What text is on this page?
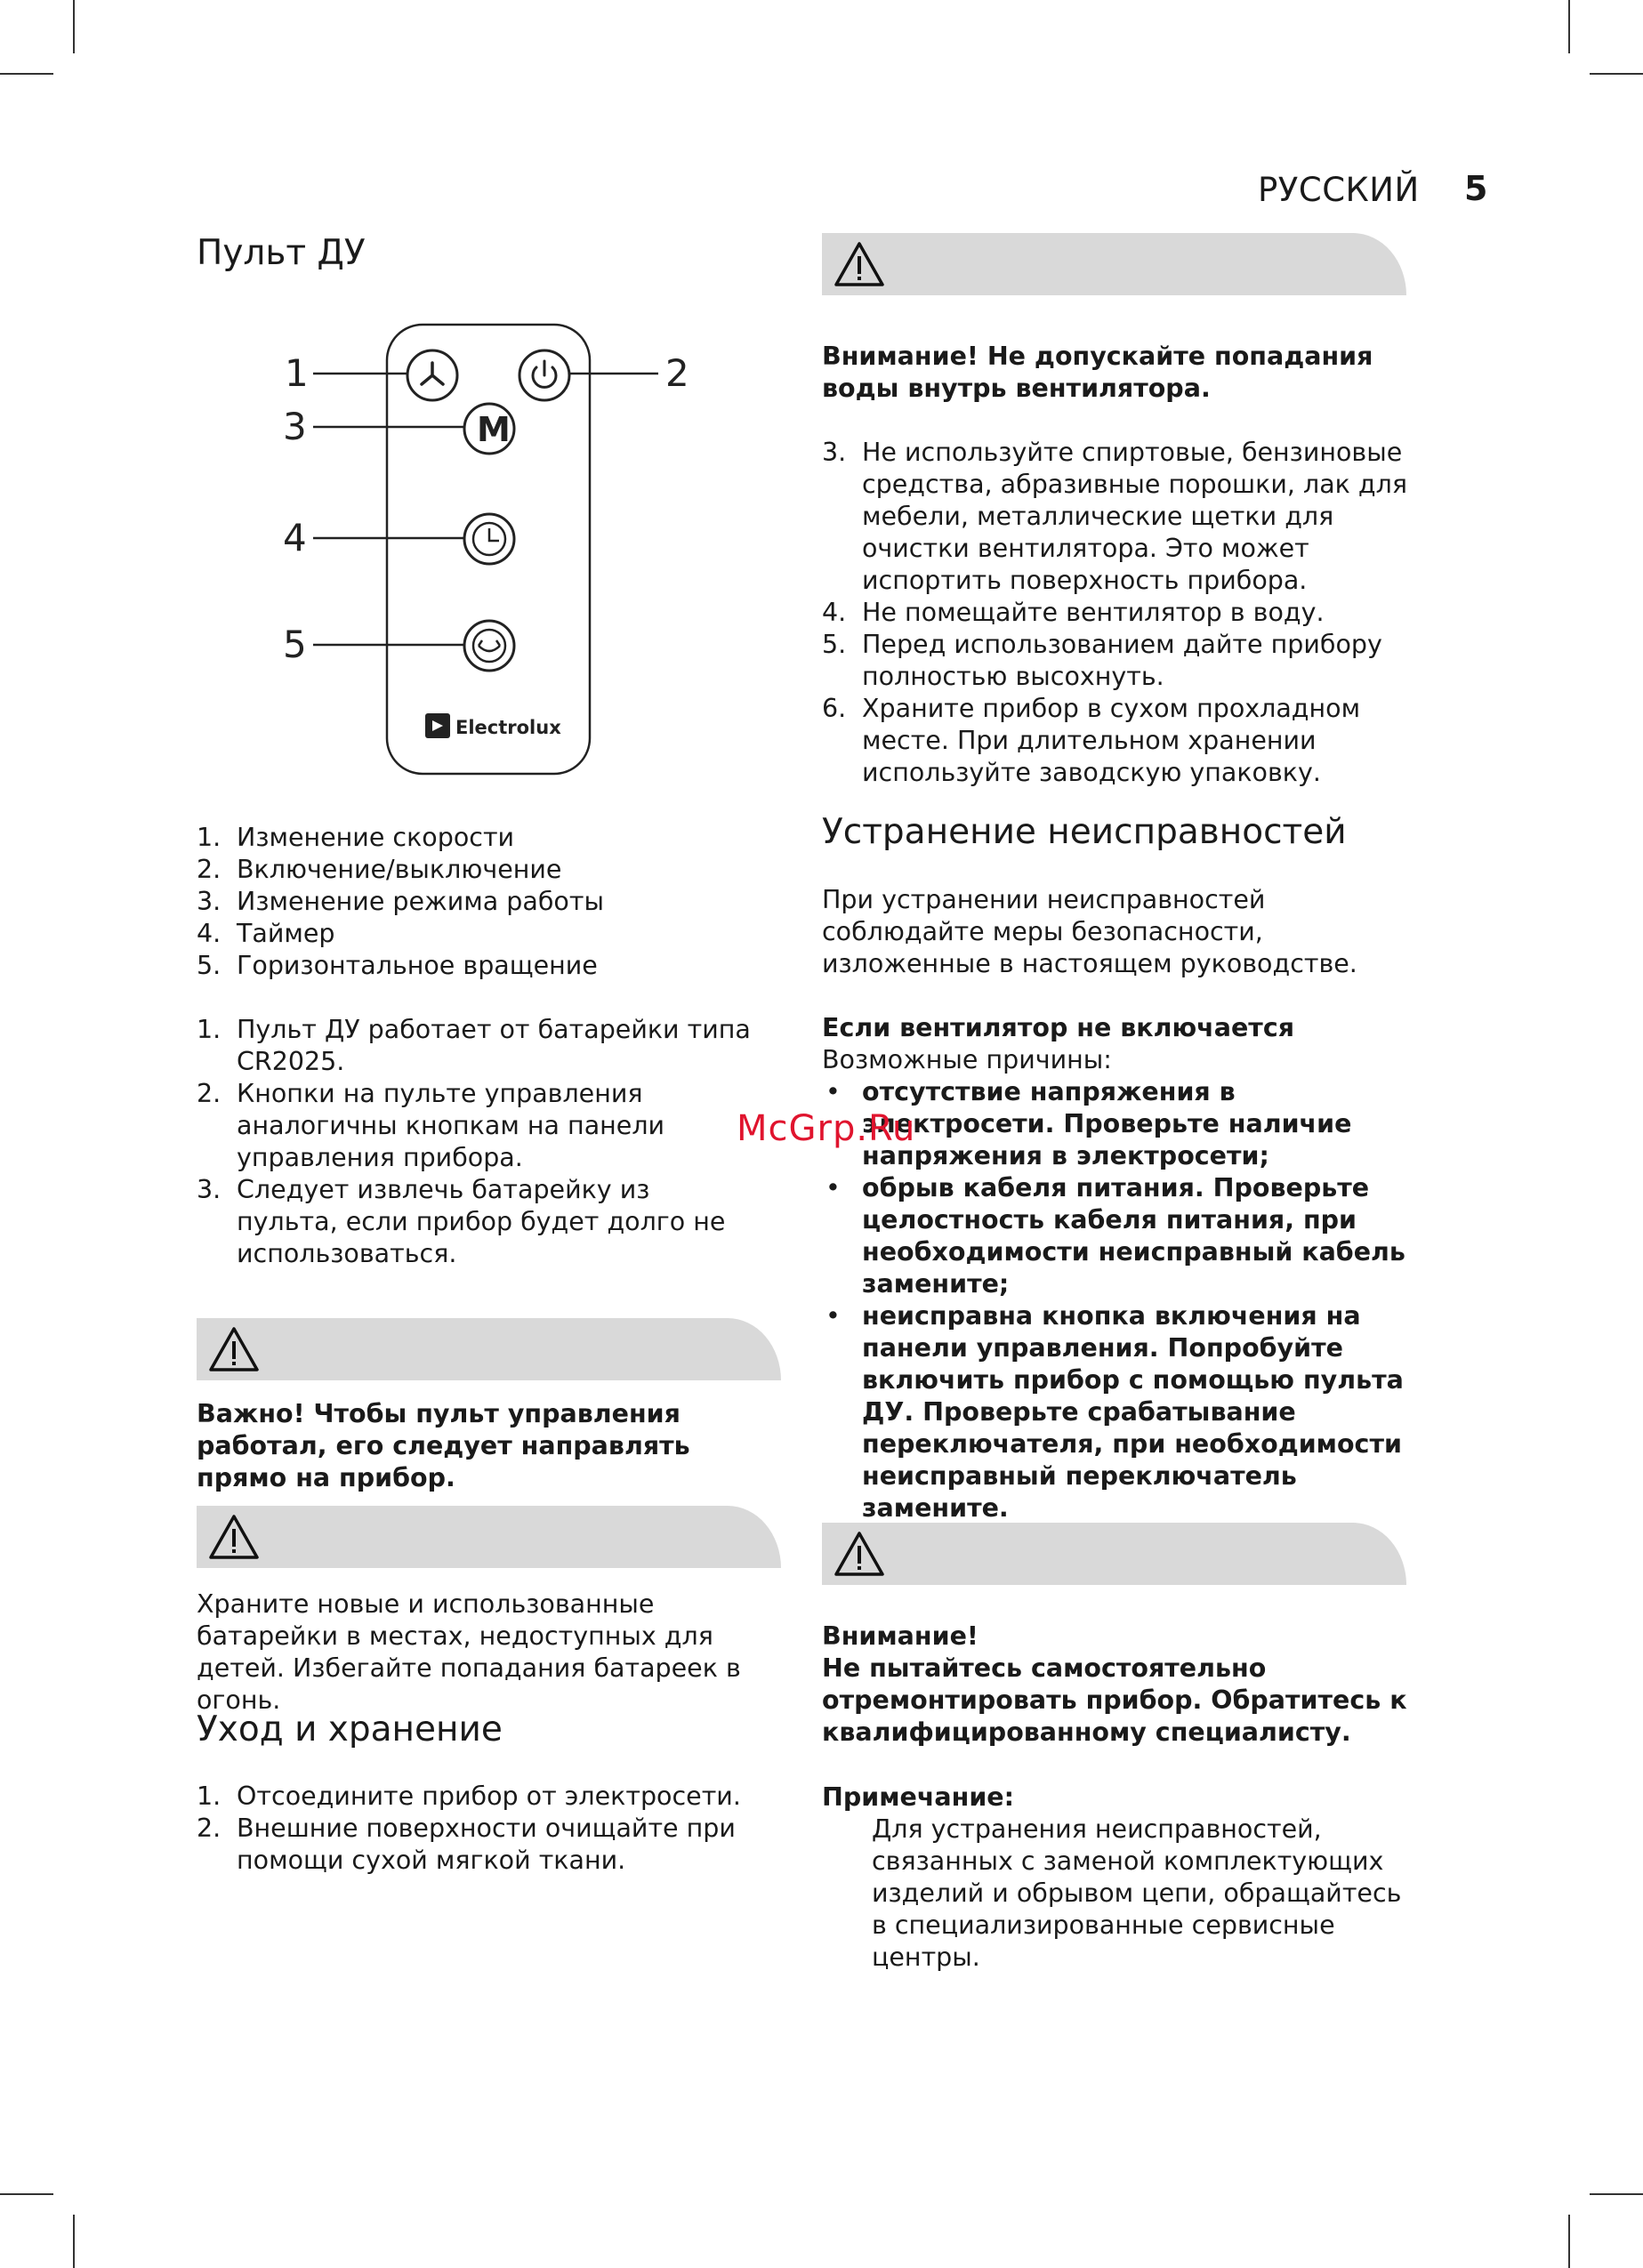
РУССКИЙ 5
Пульт ДУ
1	2
3
4
5
M
Electrolux
1. Изменение скорости
2. Включение/выключение
3. Изменение режима работы
4. Таймер
5. Горизонтальное вращение
1. Пульт ДУ работает от батарейки типа CR2025.
2. Кнопки на пульте управления аналогичны кнопкам на панели управления прибора.
3. Следует извлечь батарейку из пульта, если прибор будет долго не использоваться.
Важно! Чтобы пульт управления работал, его следует направлять прямо на прибор.
Храните новые и использованные батарейки в местах, недоступных для детей. Избегайте попадания батареек в огонь.
Уход и хранение
1. Отсоедините прибор от электросети.
2. Внешние поверхности очищайте при помощи сухой мягкой ткани.
Внимание! Не допускайте попадания воды внутрь вентилятора.
3. Не используйте спиртовые, бензиновые средства, абразивные порошки, лак для мебели, металлические щетки для очистки вентилятора. Это может испортить поверхность прибора.
4. Не помещайте вентилятор в воду.
5. Перед использованием дайте прибору полностью высохнуть.
6. Храните прибор в сухом прохладном месте. При длительном хранении используйте заводскую упаковку.
Устранение неисправностей
При устранении неисправностей соблюдайте меры безопасности, изложенные в настоящем руководстве.
Если вентилятор не включается
Возможные причины:
• отсутствие напряжения в электросети. Проверьте наличие напряжения в электросети;
• обрыв кабеля питания. Проверьте целостность кабеля питания, при необходимости неисправный кабель замените;
• неисправна кнопка включения на панели управления. Попробуйте включить прибор с помощью пульта ДУ. Проверьте срабатывание переключателя, при необходимости неисправный переключатель замените.
Внимание!
Не пытайтесь самостоятельно отремонтировать прибор. Обратитесь к квалифицированному специалисту.
Примечание:
Для устранения неисправностей, связанных с заменой комплектующих изделий и обрывом цепи, обращайтесь в специализированные сервисные центры.
McGrp.Ru
